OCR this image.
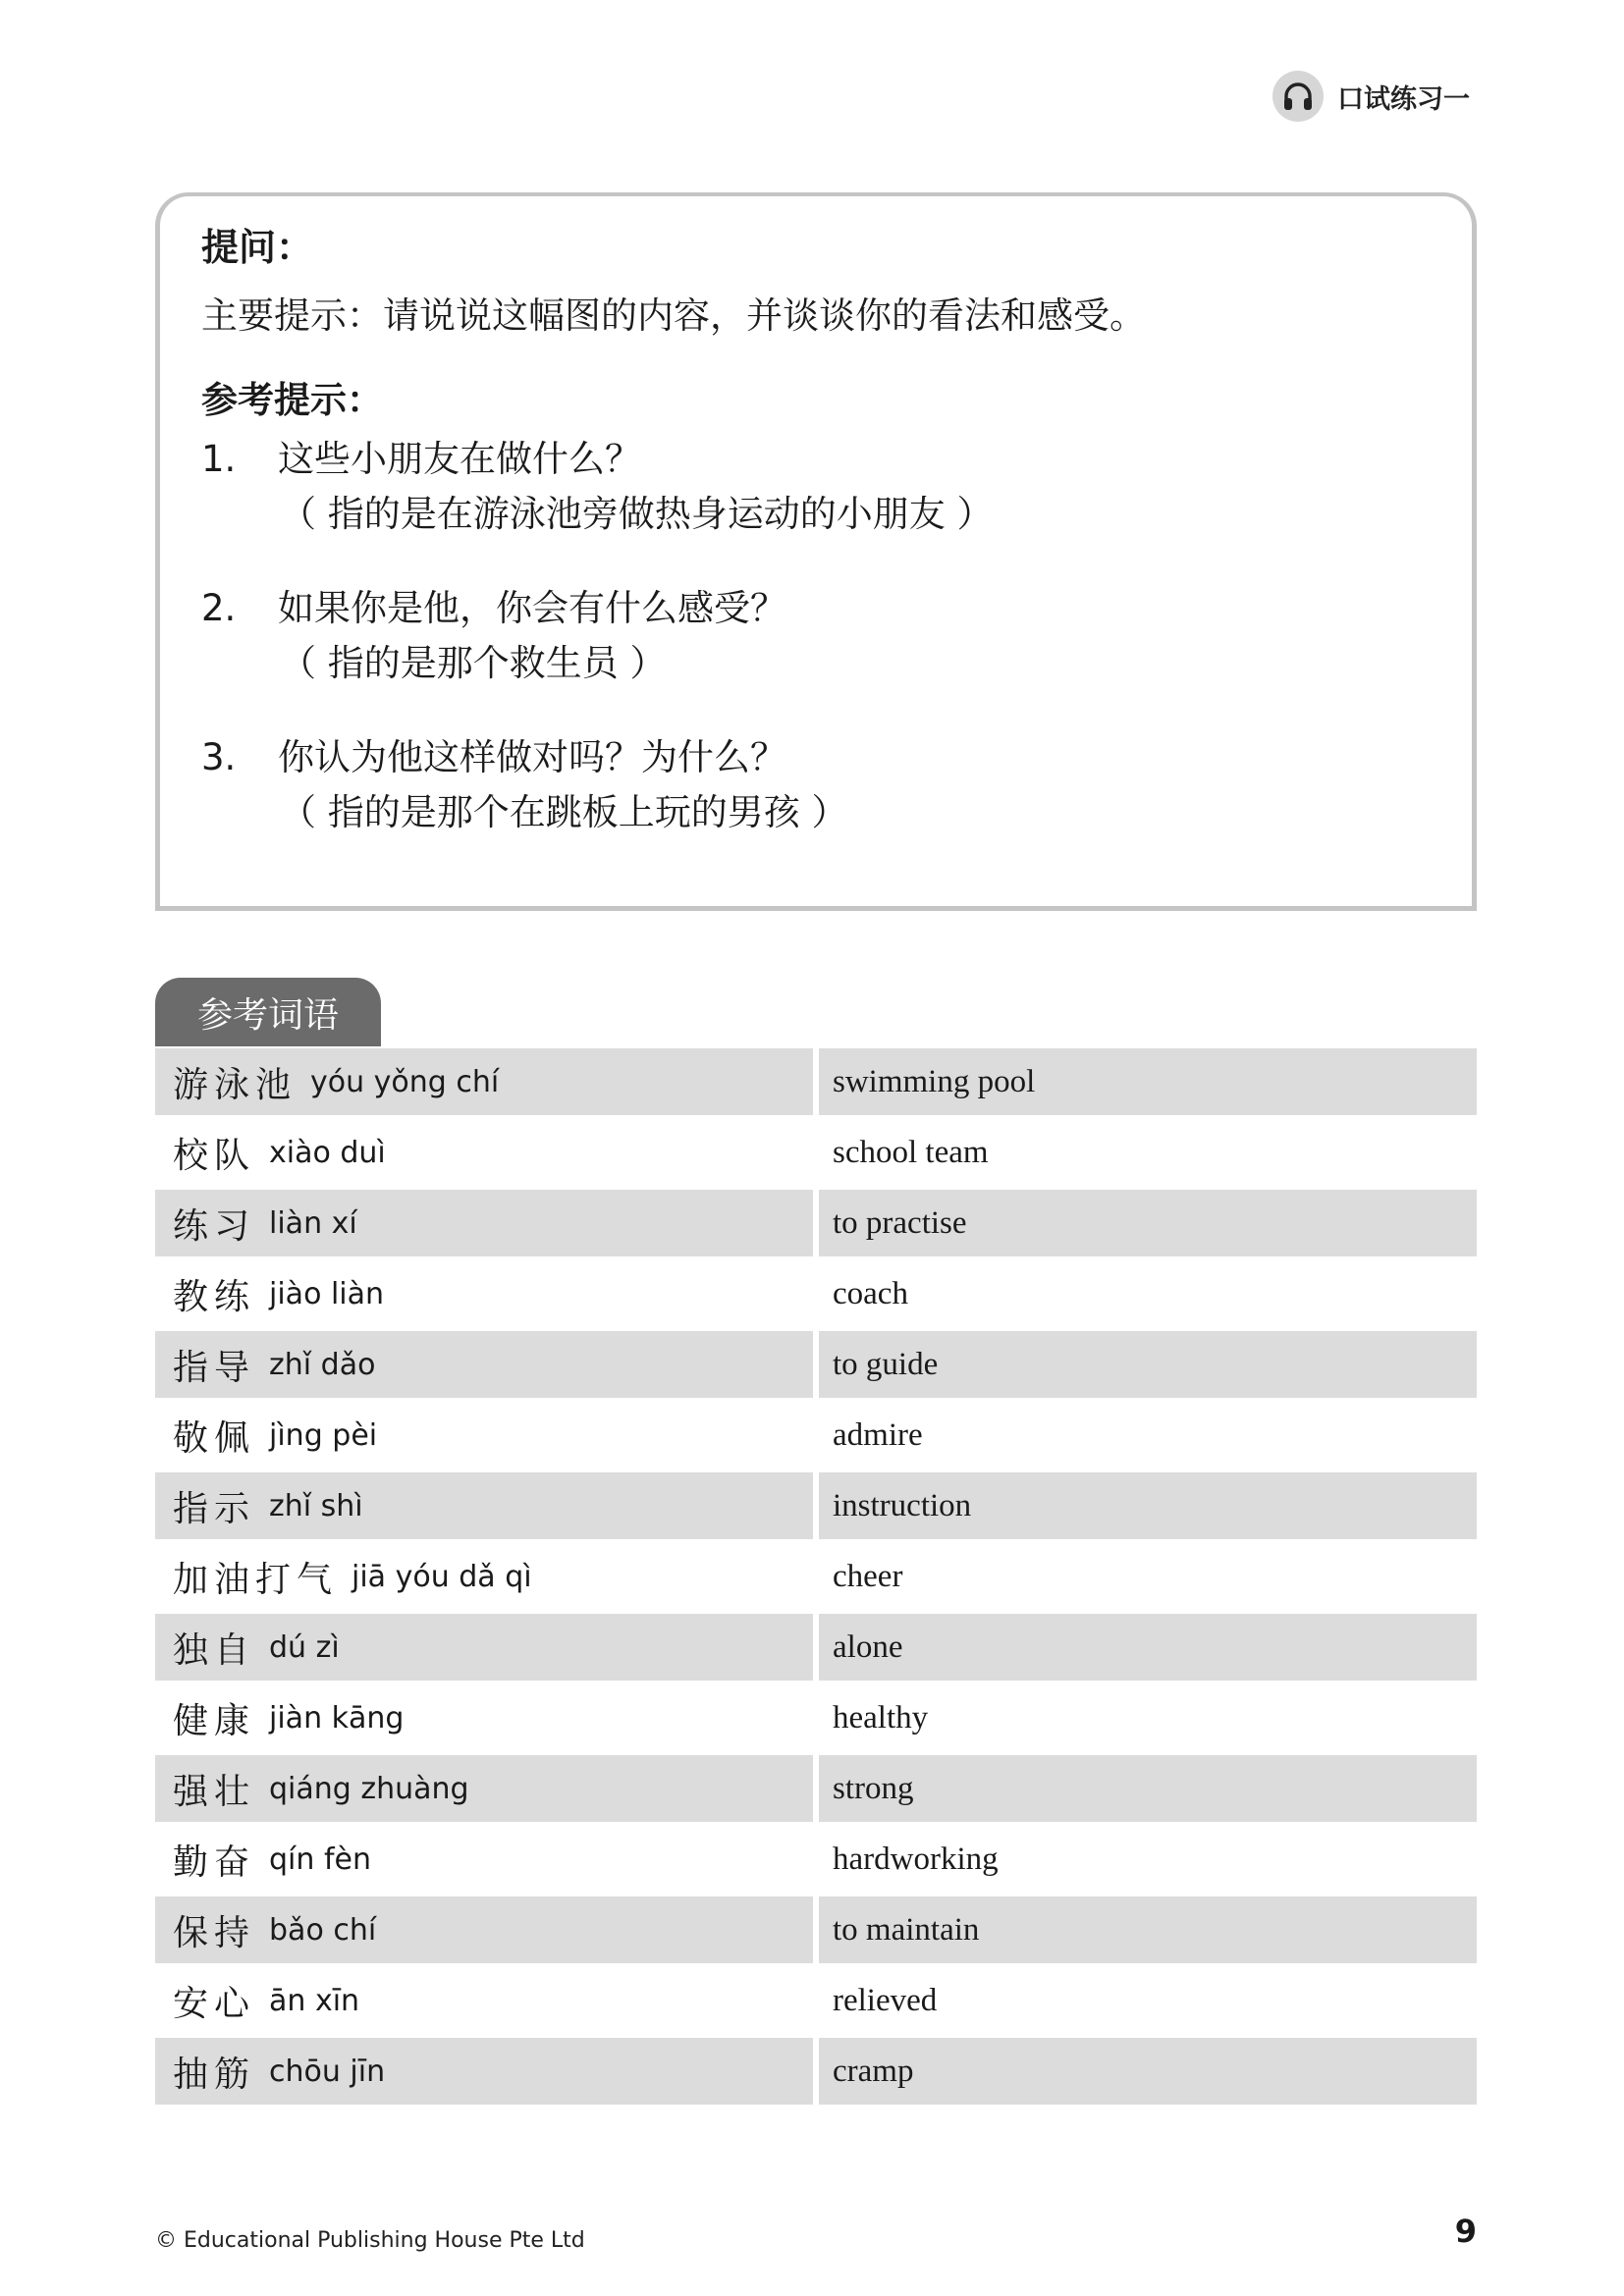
口试练习一
提问：
主要提示：请说说这幅图的内容，并谈谈你的看法和感受。
参考提示：
1.	这些小朋友在做什么？
（ 指的是在游泳池旁做热身运动的小朋友 ）
2.	如果你是他，你会有什么感受？
（ 指的是那个救生员 ）
3.	你认为他这样做对吗？为什么？
（ 指的是那个在跳板上玩的男孩 ）
参考词语
游泳池 yóu yǒng chí	swimming pool
校队 xiào duì	school team
练习 liàn xí	to practise
教练 jiào liàn	coach
指导 zhǐ dǎo	to guide
敬佩 jìng pèi	admire
指示 zhǐ shì	instruction
加油打气 jiā yóu dǎ qì	cheer
独自 dú zì	alone
健康 jiàn kāng	healthy
强壮 qiáng zhuàng	strong
勤奋 qín fèn	hardworking
保持 bǎo chí	to maintain
安心 ān xīn	relieved
抽筋 chōu jīn	cramp
© Educational Publishing House Pte Ltd	9
